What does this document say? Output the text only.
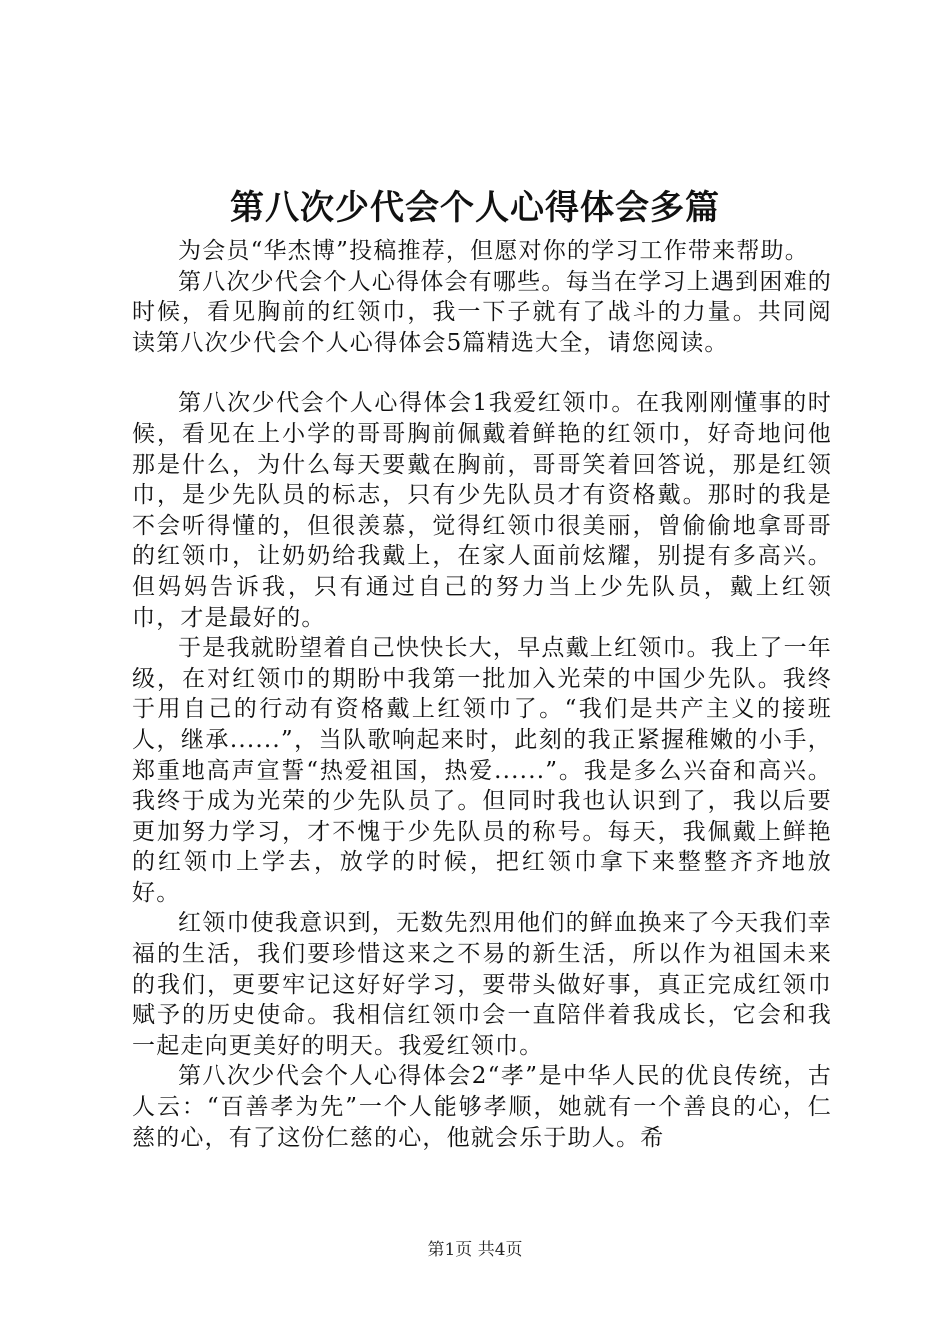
第八次少代会个人心得体会多篇

为会员“华杰博”投稿推荐，但愿对你的学习工作带来帮助。

第八次少代会个人心得体会有哪些。每当在学习上遇到困难的时候，看见胸前的红领巾，我一下子就有了战斗的力量。共同阅读第八次少代会个人心得体会5篇精选大全，请您阅读。

第八次少代会个人心得体会1我爱红领巾。在我刚刚懂事的时候，看见在上小学的哥哥胸前佩戴着鲜艳的红领巾，好奇地问他那是什么，为什么每天要戴在胸前，哥哥笑着回答说，那是红领巾，是少先队员的标志，只有少先队员才有资格戴。那时的我是不会听得懂的，但很羡慕，觉得红领巾很美丽，曾偷偷地拿哥哥的红领巾，让奶奶给我戴上，在家人面前炫耀，别提有多高兴。但妈妈告诉我，只有通过自己的努力当上少先队员，戴上红领巾，才是最好的。

于是我就盼望着自己快快长大，早点戴上红领巾。我上了一年级，在对红领巾的期盼中我第一批加入光荣的中国少先队。我终于用自己的行动有资格戴上红领巾了。“我们是共产主义的接班人，继承......”，当队歌响起来时，此刻的我正紧握稚嫩的小手，郑重地高声宣誓“热爱祖国，热爱......”。我是多么兴奋和高兴。我终于成为光荣的少先队员了。但同时我也认识到了，我以后要更加努力学习，才不愧于少先队员的称号。每天，我佩戴上鲜艳的红领巾上学去，放学的时候，把红领巾拿下来整整齐齐地放好。

红领巾使我意识到，无数先烈用他们的鲜血换来了今天我们幸福的生活，我们要珍惜这来之不易的新生活，所以作为祖国未来的我们，更要牢记这好好学习，要带头做好事，真正完成红领巾赋予的历史使命。我相信红领巾会一直陪伴着我成长，它会和我一起走向更美好的明天。我爱红领巾。

第八次少代会个人心得体会2“孝”是中华人民的优良传统，古人云：“百善孝为先”一个人能够孝顺，她就有一个善良的心，仁慈的心，有了这份仁慈的心，他就会乐于助人。希

第1页 共4页
